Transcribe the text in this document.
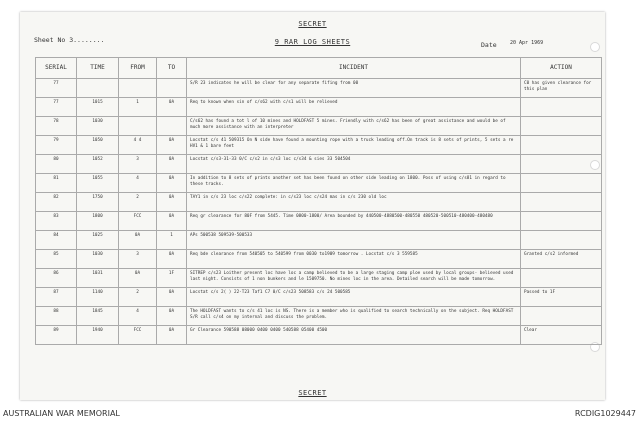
SECRET
Sheet No 3........	9 RAR LOG SHEETS	Date	20 Apr 1969
SERIAL	TIME	FROM	TO	INCIDENT	ACTION
77				S/R 23 indicates he will be clear for any separate fifing from 00	C0 has given clearance for this plan
77	1015	1	0A	Req to known when sin of c/s62 with c/s1 will be relieved	
78	1030			C/s62 has found a tot l of 10 mines and HOLDFAST 5 mines. Friendly with c/s62 has been of great assistance and would be of much more assistance with an interpreter	
79	1050	4 4	0A	Locstat c/s 41 509315 On N side have found a mounting rope with a truck leading off.On track is 8 sets of prints, 5 sets a re HV1 & 1 bare feet	
80	1052	3	0A	Locstat c/s3-31-33 0/C c/s2 in c/s3 loc c/s34 & sies 33 504504	
81	1055	4	0A	In addition to 8 sets of prints another set has been found on other side leading on 1800. Poss of using c/s81 in regard to these tracks.	
82	1750	2	0A	TAY1 in c/s 23 loc c/s22 complete: in c/s23 loc c/s24 mas in c/s 230 old loc	
83	1800	FCC	0A	Req gr clearance for 80F from 5445. Time 0800-1800/ Area bounded by 440500-4880500-480550 480520-500510-480400-480480	
84	1025	0A	1	APs 500538 509539-500533	
85	1030	3	0A	Req bde clearance from 540505 to 540599 from 0030 to1909 tomorrow . Locstat c/s 3 559585	Granted c/s2 informed
86	1031	0A	1F	SITREP c/s23 Loither present loc have loc a camp believed to be a large staging camp ploe used by local groups- believed used last night. Consists of 1 non bunkers and le 1509750. No mines loc in the area. Detailed search will be made tomorrow.	
87	1140	2	0A	Locstat c/s 2( ) 22-T23 Taf1 C7 0/C c/s23 508583 c/s 24 500585	Passed to 1F
88	1845	4	0A	The HOLDFAST wants to c/s 41 loc is NS. There is a member who is qualified to search technically on the subject. Req HOLDFAST S/R call c/s4 on my internal and discuss the problem.	
89	1940	FCC	0A	Gr Clearance 590588 08000 0400 0400 540588 05400 4500	Clear
SECRET
AUSTRALIAN WAR MEMORIAL	RCDIG1029447
